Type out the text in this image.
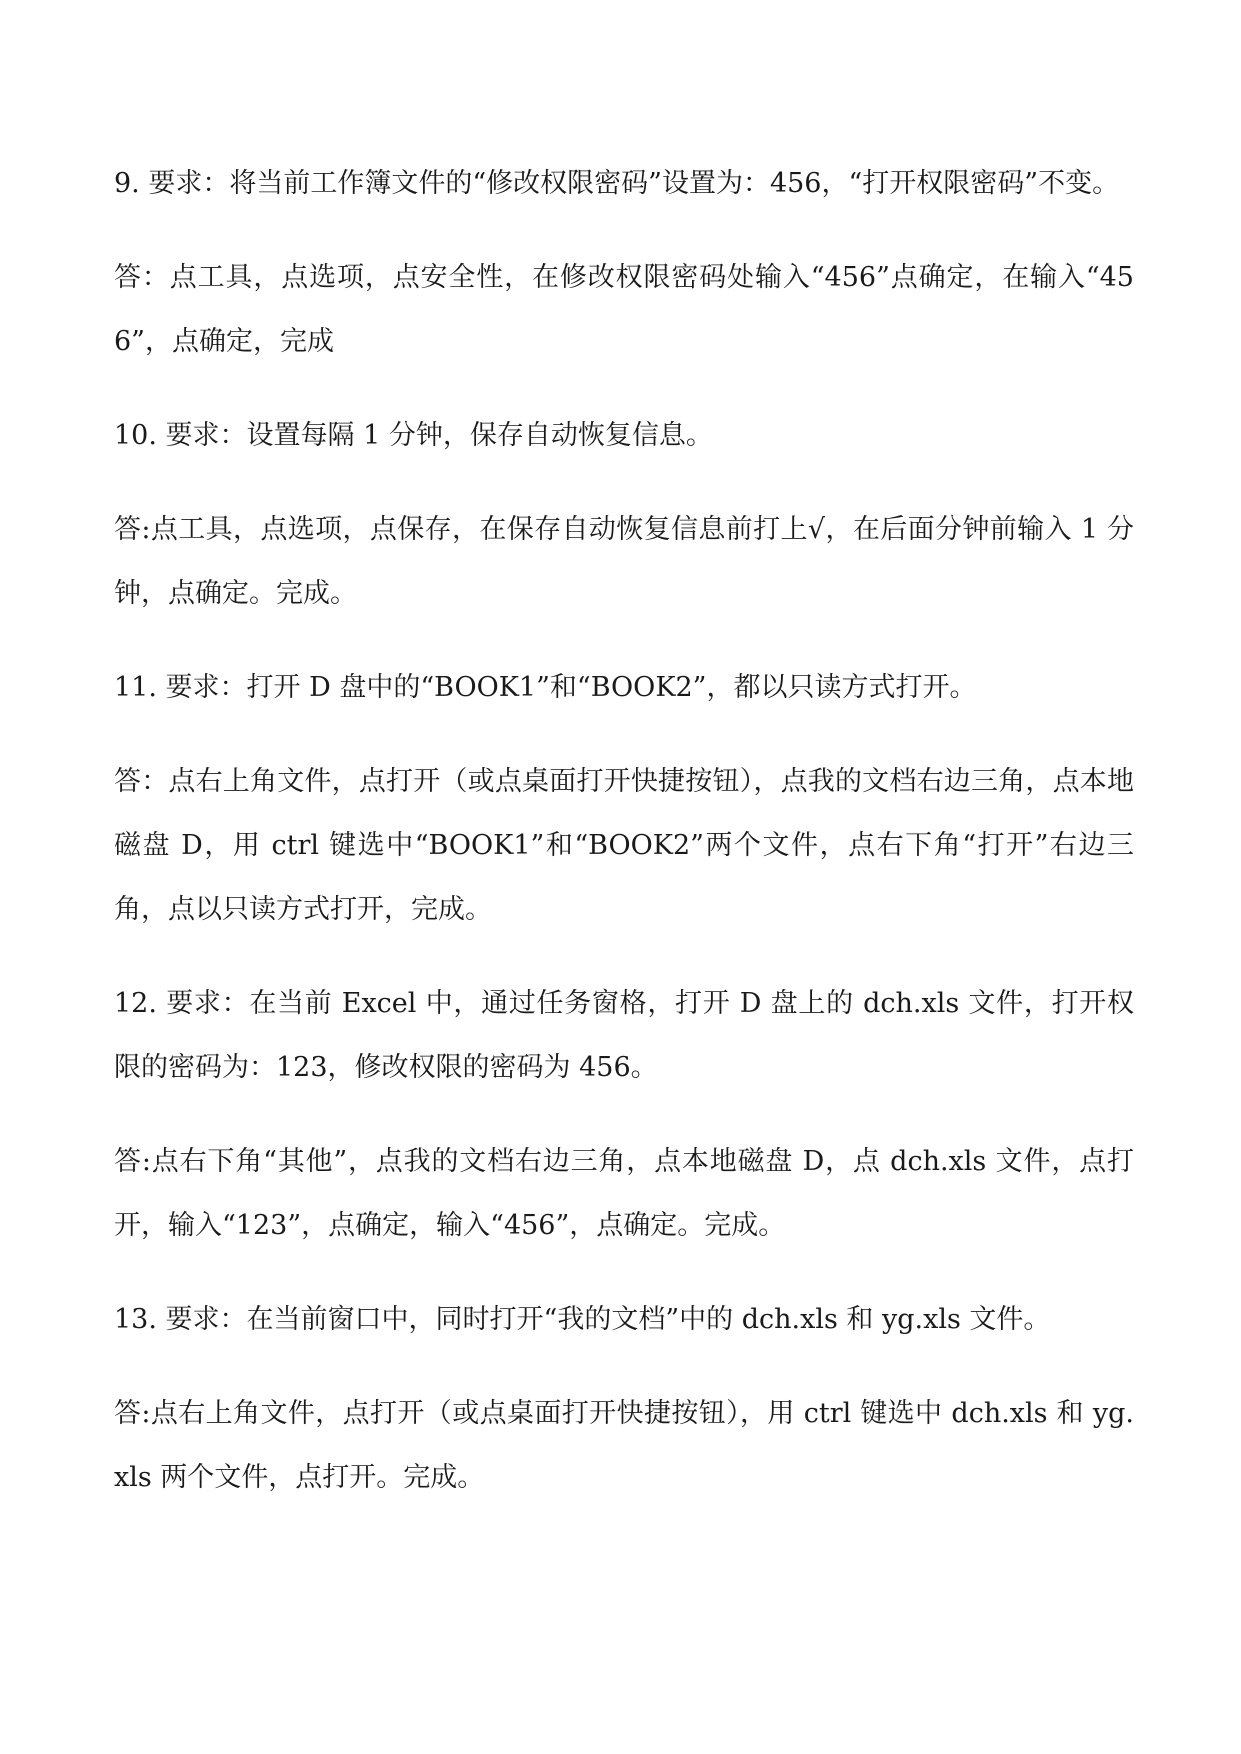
9. 要求：将当前工作簿文件的“修改权限密码”设置为：456，“打开权限密码”不变。

答：点工具，点选项，点安全性，在修改权限密码处输入“456”点确定，在输入“456”，点确定，完成

10. 要求：设置每隔 1 分钟，保存自动恢复信息。

答:点工具，点选项，点保存，在保存自动恢复信息前打上√，在后面分钟前输入 1 分钟，点确定。完成。

11. 要求：打开 D 盘中的“BOOK1”和“BOOK2”，都以只读方式打开。

答：点右上角文件，点打开（或点桌面打开快捷按钮），点我的文档右边三角，点本地磁盘 D，用 ctrl 键选中“BOOK1”和“BOOK2”两个文件，点右下角“打开”右边三角，点以只读方式打开，完成。

12. 要求：在当前 Excel 中，通过任务窗格，打开 D 盘上的 dch.xls 文件，打开权限的密码为：123，修改权限的密码为 456。

答:点右下角“其他”，点我的文档右边三角，点本地磁盘 D，点 dch.xls 文件，点打开，输入“123”，点确定，输入“456”，点确定。完成。

13. 要求：在当前窗口中，同时打开“我的文档”中的 dch.xls 和 yg.xls 文件。

答:点右上角文件，点打开（或点桌面打开快捷按钮），用 ctrl 键选中 dch.xls 和 yg.xls 两个文件，点打开。完成。
